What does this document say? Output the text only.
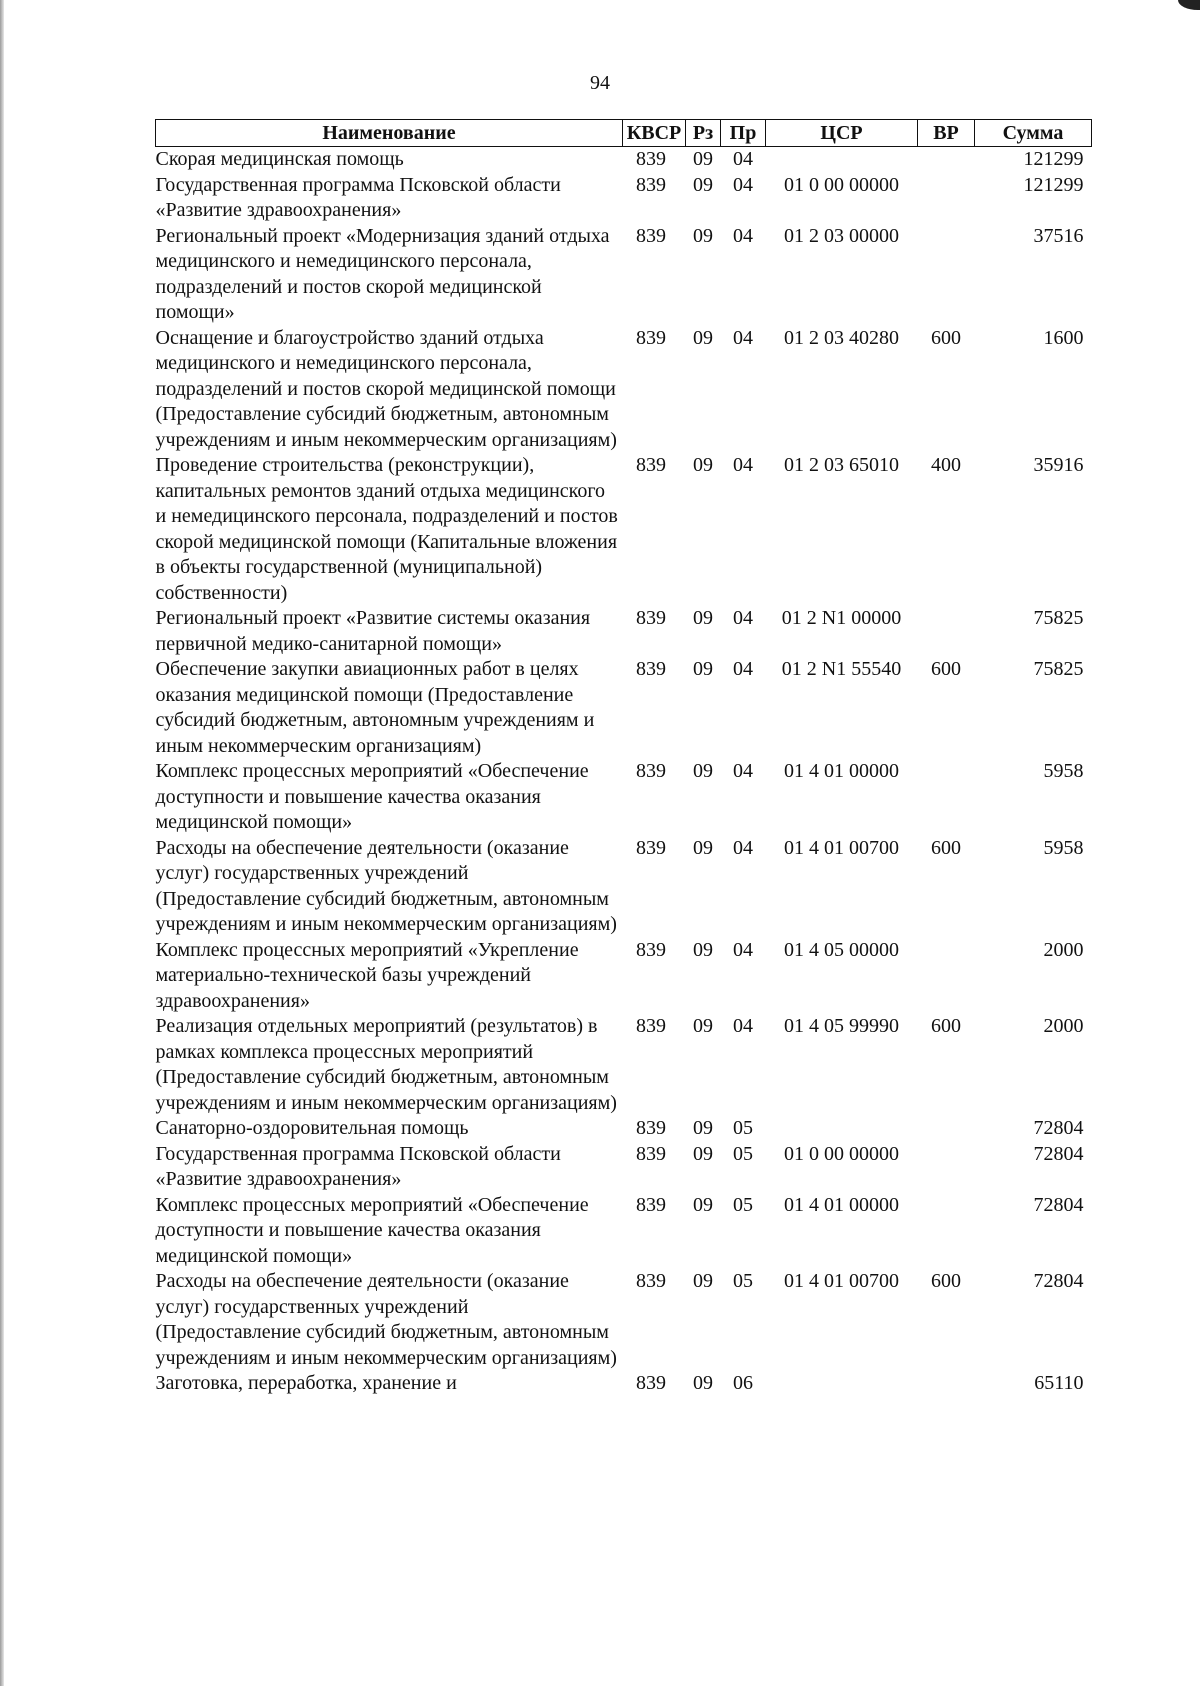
94
Наименование	КВСР	Рз	Пр	ЦСР	ВР	Сумма
Скорая медицинская помощь	839	09	04			121299
Государственная программа Псковской области «Развитие здравоохранения»	839	09	04	01 0 00 00000		121299
Региональный проект «Модернизация зданий отдыха медицинского и немедицинского персонала, подразделений и постов скорой медицинской помощи»	839	09	04	01 2 03 00000		37516
Оснащение и благоустройство зданий отдыха медицинского и немедицинского персонала, подразделений и постов скорой медицинской помощи (Предоставление субсидий бюджетным, автономным учреждениям и иным некоммерческим организациям)	839	09	04	01 2 03 40280	600	1600
Проведение строительства (реконструкции), капитальных ремонтов зданий отдыха медицинского и немедицинского персонала, подразделений и постов скорой медицинской помощи (Капитальные вложения в объекты государственной (муниципальной) собственности)	839	09	04	01 2 03 65010	400	35916
Региональный проект «Развитие системы оказания первичной медико-санитарной помощи»	839	09	04	01 2 N1 00000		75825
Обеспечение закупки авиационных работ в целях оказания медицинской помощи (Предоставление субсидий бюджетным, автономным учреждениям и иным некоммерческим организациям)	839	09	04	01 2 N1 55540	600	75825
Комплекс процессных мероприятий «Обеспечение доступности и повышение качества оказания медицинской помощи»	839	09	04	01 4 01 00000		5958
Расходы на обеспечение деятельности (оказание услуг) государственных учреждений (Предоставление субсидий бюджетным, автономным учреждениям и иным некоммерческим организациям)	839	09	04	01 4 01 00700	600	5958
Комплекс процессных мероприятий «Укрепление материально-технической базы учреждений здравоохранения»	839	09	04	01 4 05 00000		2000
Реализация отдельных мероприятий (результатов) в рамках комплекса процессных мероприятий (Предоставление субсидий бюджетным, автономным учреждениям и иным некоммерческим организациям)	839	09	04	01 4 05 99990	600	2000
Санаторно-оздоровительная помощь	839	09	05			72804
Государственная программа Псковской области «Развитие здравоохранения»	839	09	05	01 0 00 00000		72804
Комплекс процессных мероприятий «Обеспечение доступности и повышение качества оказания медицинской помощи»	839	09	05	01 4 01 00000		72804
Расходы на обеспечение деятельности (оказание услуг) государственных учреждений (Предоставление субсидий бюджетным, автономным учреждениям и иным некоммерческим организациям)	839	09	05	01 4 01 00700	600	72804
Заготовка, переработка, хранение и	839	09	06			65110
